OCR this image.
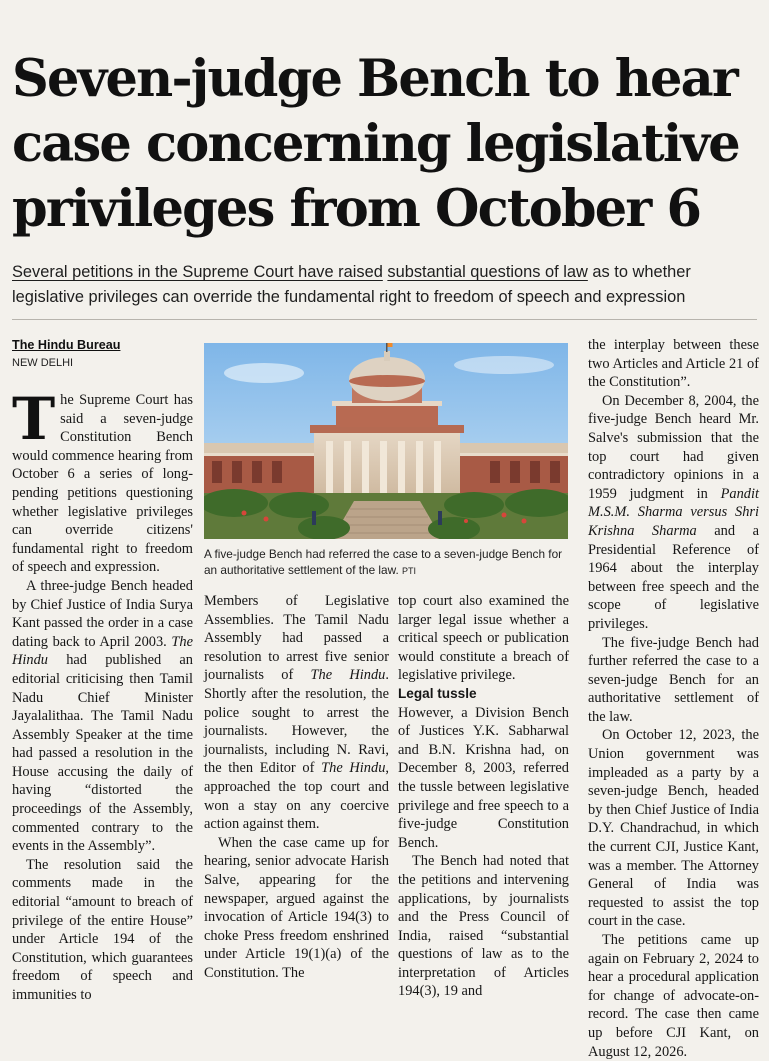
Seven-judge Bench to hear case concerning legislative privileges from October 6

Several petitions in the Supreme Court have raised substantial questions of law as to whether legislative privileges can override the fundamental right to freedom of speech and expression

The Hindu Bureau
NEW DELHI

The Supreme Court has said a seven-judge Constitution Bench would commence hearing from October 6 a series of long-pending petitions questioning whether legislative privileges can override citizens' fundamental right to freedom of speech and expression.

A three-judge Bench headed by Chief Justice of India Surya Kant passed the order in a case dating back to April 2003. The Hindu had published an editorial criticising then Tamil Nadu Chief Minister Jayalalithaa. The Tamil Nadu Assembly Speaker at the time had passed a resolution in the House accusing the daily of having “distorted the proceedings of the Assembly, commented contrary to the events in the Assembly”.

The resolution said the comments made in the editorial “amount to breach of privilege of the entire House” under Article 194 of the Constitution, which guarantees freedom of speech and immunities to

A five-judge Bench had referred the case to a seven-judge Bench for an authoritative settlement of the law. PTI

Members of Legislative Assemblies. The Tamil Nadu Assembly had passed a resolution to arrest five senior journalists of The Hindu. Shortly after the resolution, the police sought to arrest the journalists. However, the journalists, including N. Ravi, the then Editor of The Hindu, approached the top court and won a stay on any coercive action against them.

When the case came up for hearing, senior advocate Harish Salve, appearing for the newspaper, argued against the invocation of Article 194(3) to choke Press freedom enshrined under Article 19(1)(a) of the Constitution. The

top court also examined the larger legal issue whether a critical speech or publication would constitute a breach of legislative privilege.

Legal tussle

However, a Division Bench of Justices Y.K. Sabharwal and B.N. Krishna had, on December 8, 2003, referred the tussle between legislative privilege and free speech to a five-judge Constitution Bench.

The Bench had noted that the petitions and intervening applications, by journalists and the Press Council of India, raised “substantial questions of law as to the interpretation of Articles 194(3), 19 and

the interplay between these two Articles and Article 21 of the Constitution”.

On December 8, 2004, the five-judge Bench heard Mr. Salve's submission that the top court had given contradictory opinions in a 1959 judgment in Pandit M.S.M. Sharma versus Shri Krishna Sharma and a Presidential Reference of 1964 about the interplay between free speech and the scope of legislative privileges.

The five-judge Bench had further referred the case to a seven-judge Bench for an authoritative settlement of the law.

On October 12, 2023, the Union government was impleaded as a party by a seven-judge Bench, headed by then Chief Justice of India D.Y. Chandrachud, in which the current CJI, Justice Kant, was a member. The Attorney General of India was requested to assist the top court in the case.

The petitions came up again on February 2, 2024 to hear a procedural application for change of advocate-on-record. The case then came up before CJI Kant, on August 12, 2026.
